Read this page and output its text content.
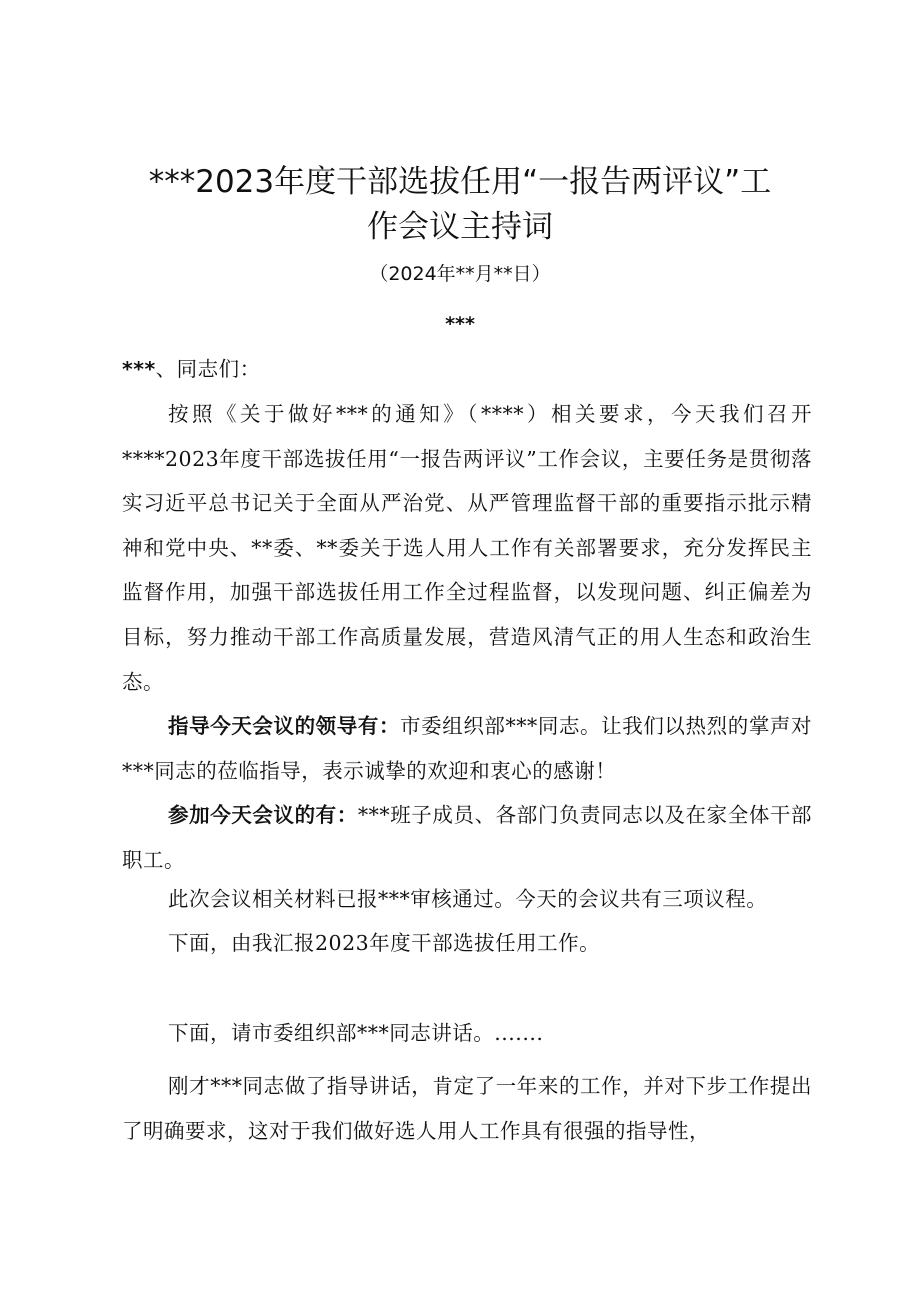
***2023年度干部选拔任用“一报告两评议”工
作会议主持词
（2024年**月**日）
***

***、同志们：

按照《关于做好***的通知》（****）相关要求，今天我们召开****2023年度干部选拔任用“一报告两评议”工作会议，主要任务是贯彻落实习近平总书记关于全面从严治党、从严管理监督干部的重要指示批示精神和党中央、**委、**委关于选人用人工作有关部署要求，充分发挥民主监督作用，加强干部选拔任用工作全过程监督，以发现问题、纠正偏差为目标，努力推动干部工作高质量发展，营造风清气正的用人生态和政治生态。

指导今天会议的领导有：市委组织部***同志。让我们以热烈的掌声对***同志的莅临指导，表示诚挚的欢迎和衷心的感谢！

参加今天会议的有：***班子成员、各部门负责同志以及在家全体干部职工。

此次会议相关材料已报***审核通过。今天的会议共有三项议程。

下面，由我汇报2023年度干部选拔任用工作。

下面，请市委组织部***同志讲话。.......

刚才***同志做了指导讲话，肯定了一年来的工作，并对下步工作提出了明确要求，这对于我们做好选人用人工作具有很强的指导性，
